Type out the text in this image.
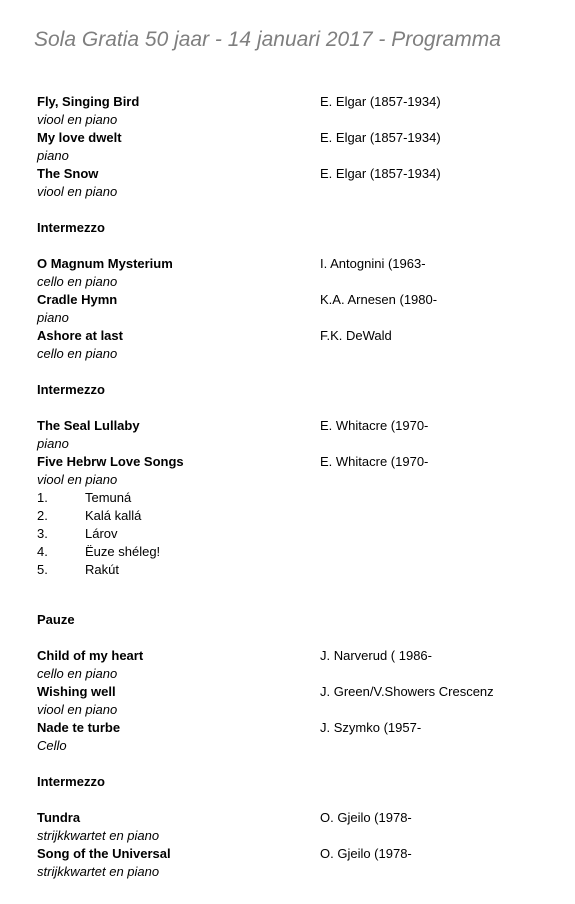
Sola Gratia 50 jaar - 14 januari 2017 - Programma
Fly, Singing Bird	E. Elgar (1857-1934)
viool en piano
My love dwelt	E. Elgar (1857-1934)
piano
The Snow	E. Elgar (1857-1934)
viool en piano
Intermezzo
O Magnum Mysterium	I. Antognini (1963-
cello en piano
Cradle Hymn	K.A. Arnesen (1980-
piano
Ashore at last	F.K. DeWald
cello en piano
Intermezzo
The Seal Lullaby	E. Whitacre (1970-
piano
Five Hebrw Love Songs	E. Whitacre (1970-
viool en piano
1.	Temuná
2.	Kalá kallá
3.	Lárov
4.	Ëuze shéleg!
5.	Rakút
Pauze
Child of my heart	J. Narverud ( 1986-
cello en piano
Wishing well	J. Green/V.Showers Crescenz
viool en piano
Nade te turbe	J. Szymko (1957-
Cello
Intermezzo
Tundra	O. Gjeilo (1978-
strijkkwartet en piano
Song of the Universal	O. Gjeilo (1978-
strijkkwartet en piano
